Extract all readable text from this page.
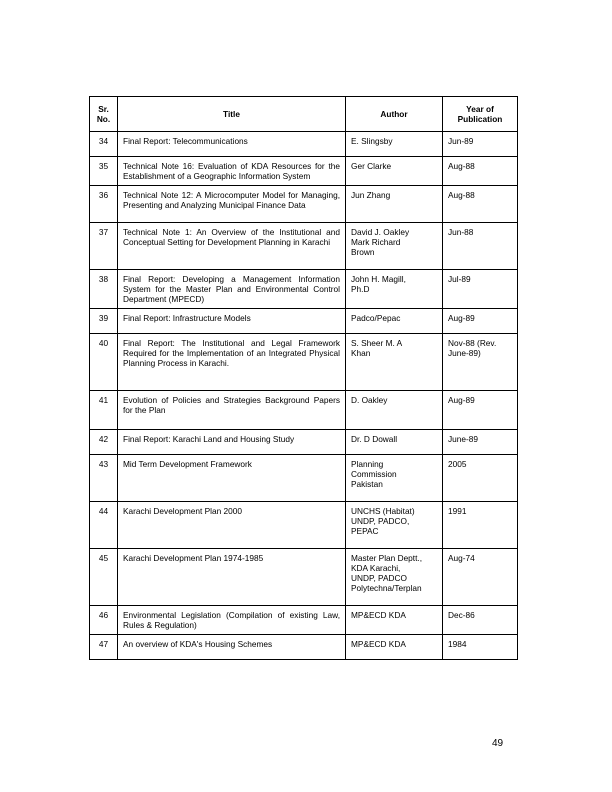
Sr.
No.	Title	Author	Year of Publication
34	Final Report: Telecommunications	E. Slingsby	Jun-89
35	Technical Note 16: Evaluation of KDA Resources for the Establishment of a Geographic Information System	Ger Clarke	Aug-88
36	Technical Note 12: A Microcomputer Model for Managing, Presenting and Analyzing Municipal Finance Data	Jun Zhang	Aug-88
37	Technical Note 1: An Overview of the Institutional and Conceptual Setting for Development Planning in Karachi	David J. Oakley
Mark Richard
Brown	Jun-88
38	Final Report: Developing a Management Information System for the Master Plan and Environmental Control Department (MPECD)	John H. Magill,
Ph.D	Jul-89
39	Final Report: Infrastructure Models	Padco/Pepac	Aug-89
40	Final Report: The Institutional and Legal Framework Required for the Implementation of an Integrated Physical Planning Process in Karachi.	S. Sheer M. A
Khan	Nov-88 (Rev.
June-89)
41	Evolution of Policies and Strategies Background Papers for the Plan	D. Oakley	Aug-89
42	Final Report: Karachi Land and Housing Study	Dr. D Dowall	June-89
43	Mid Term Development Framework	Planning
Commission
Pakistan	2005
44	Karachi Development Plan 2000	UNCHS (Habitat)
UNDP, PADCO,
PEPAC	1991
45	Karachi Development Plan 1974-1985	Master Plan Deptt.,
KDA Karachi,
UNDP, PADCO
Polytechna/Terplan	Aug-74
46	Environmental Legislation (Compilation of existing Law, Rules & Regulation)	MP&ECD KDA	Dec-86
47	An overview of KDA's Housing Schemes	MP&ECD KDA	1984
49
